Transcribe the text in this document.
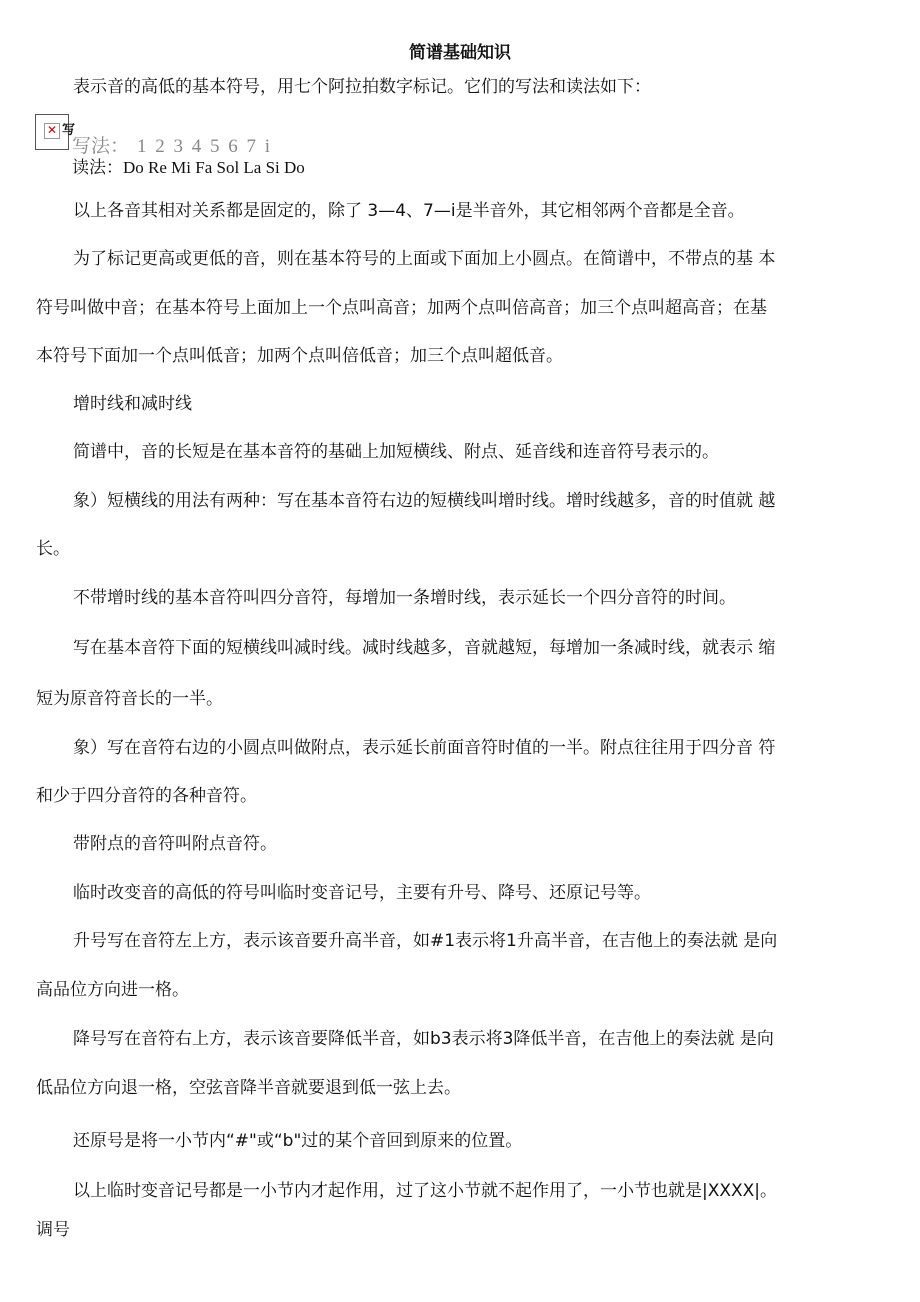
简谱基础知识
表示音的高低的基本符号，用七个阿拉拍数字标记。它们的写法和读法如下：
✕ 写
写法： 1 2 3 4 5 6 7 i
读法：Do Re Mi Fa Sol La Si Do
以上各音其相对关系都是固定的，除了 3—4、7—i是半音外，其它相邻两个音都是全音。
为了标记更高或更低的音，则在基本符号的上面或下面加上小圆点。在简谱中，不带点的基 本
符号叫做中音；在基本符号上面加上一个点叫高音；加两个点叫倍高音；加三个点叫超高音；在基
本符号下面加一个点叫低音；加两个点叫倍低音；加三个点叫超低音。
增时线和减时线
简谱中，音的长短是在基本音符的基础上加短横线、附点、延音线和连音符号表示的。
象）短横线的用法有两种：写在基本音符右边的短横线叫增时线。增时线越多，音的时值就 越
长。
不带增时线的基本音符叫四分音符，每增加一条增时线，表示延长一个四分音符的时间。
写在基本音符下面的短横线叫减时线。减时线越多，音就越短，每增加一条减时线，就表示 缩
短为原音符音长的一半。
象）写在音符右边的小圆点叫做附点，表示延长前面音符时值的一半。附点往往用于四分音 符
和少于四分音符的各种音符。
带附点的音符叫附点音符。
临时改变音的高低的符号叫临时变音记号，主要有升号、降号、还原记号等。
升号写在音符左上方，表示该音要升高半音，如#1表示将1升高半音，在吉他上的奏法就 是向
高品位方向进一格。
降号写在音符右上方，表示该音要降低半音，如b3表示将3降低半音，在吉他上的奏法就 是向
低品位方向退一格，空弦音降半音就要退到低一弦上去。
还原号是将一小节内“#"或“b"过的某个音回到原来的位置。
以上临时变音记号都是一小节内才起作用，过了这小节就不起作用了，一小节也就是|XXXX|。
调号
